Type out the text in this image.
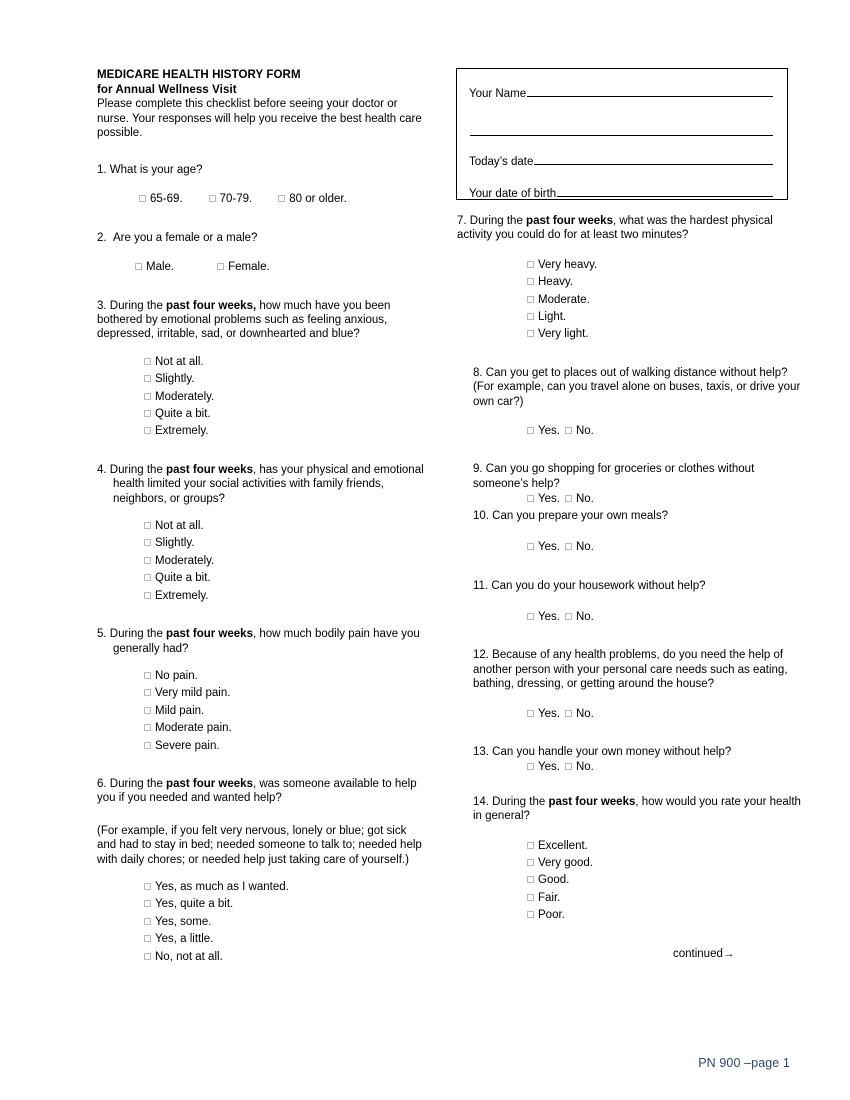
MEDICARE HEALTH HISTORY FORM
for Annual Wellness Visit
Please complete this checklist before seeing your doctor or nurse. Your responses will help you receive the best health care possible.
1. What is your age?
65-69.	70-79.	80 or older.
2. Are you a female or a male?
Male.	Female.
3. During the past four weeks, how much have you been bothered by emotional problems such as feeling anxious, depressed, irritable, sad, or downhearted and blue?
Not at all.
Slightly.
Moderately.
Quite a bit.
Extremely.
4. During the past four weeks, has your physical and emotional health limited your social activities with family friends, neighbors, or groups?
Not at all.
Slightly.
Moderately.
Quite a bit.
Extremely.
5. During the past four weeks, how much bodily pain have you generally had?
No pain.
Very mild pain.
Mild pain.
Moderate pain.
Severe pain.
6. During the past four weeks, was someone available to help you if you needed and wanted help?
(For example, if you felt very nervous, lonely or blue; got sick and had to stay in bed; needed someone to talk to; needed help with daily chores; or needed help just taking care of yourself.)
Yes, as much as I wanted.
Yes, quite a bit.
Yes, some.
Yes, a little.
No, not at all.
Your Name
Today’s date
Your date of birth
7. During the past four weeks, what was the hardest physical activity you could do for at least two minutes?
Very heavy.
Heavy.
Moderate.
Light.
Very light.
8. Can you get to places out of walking distance without help? (For example, can you travel alone on buses, taxis, or drive your own car?)
Yes. No.
9. Can you go shopping for groceries or clothes without someone’s help?
Yes. No.
10. Can you prepare your own meals?
Yes. No.
11. Can you do your housework without help?
Yes. No.
12. Because of any health problems, do you need the help of another person with your personal care needs such as eating, bathing, dressing, or getting around the house?
Yes. No.
13. Can you handle your own money without help?
Yes. No.
14. During the past four weeks, how would you rate your health in general?
Excellent.
Very good.
Good.
Fair.
Poor.
continued→
PN 900 –page 1
